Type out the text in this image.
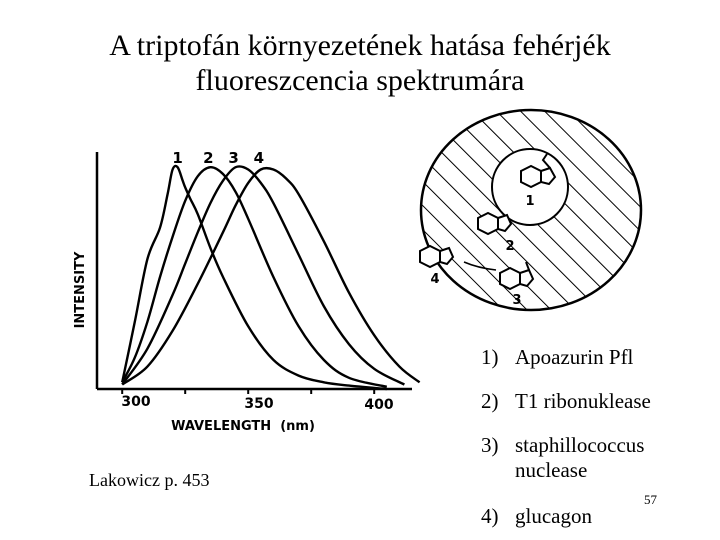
A triptofán környezetének hatása fehérjék
fluoreszcencia spektrumára
1 2 3 4
300	350	400
WAVELENGTH  (nm)
INTENSITY
1
2
3
4
1) Apoazurin Pfl
2) T1 ribonuklease
3) staphillococcus nuclease
4) glucagon
Lakowicz p. 453
57
